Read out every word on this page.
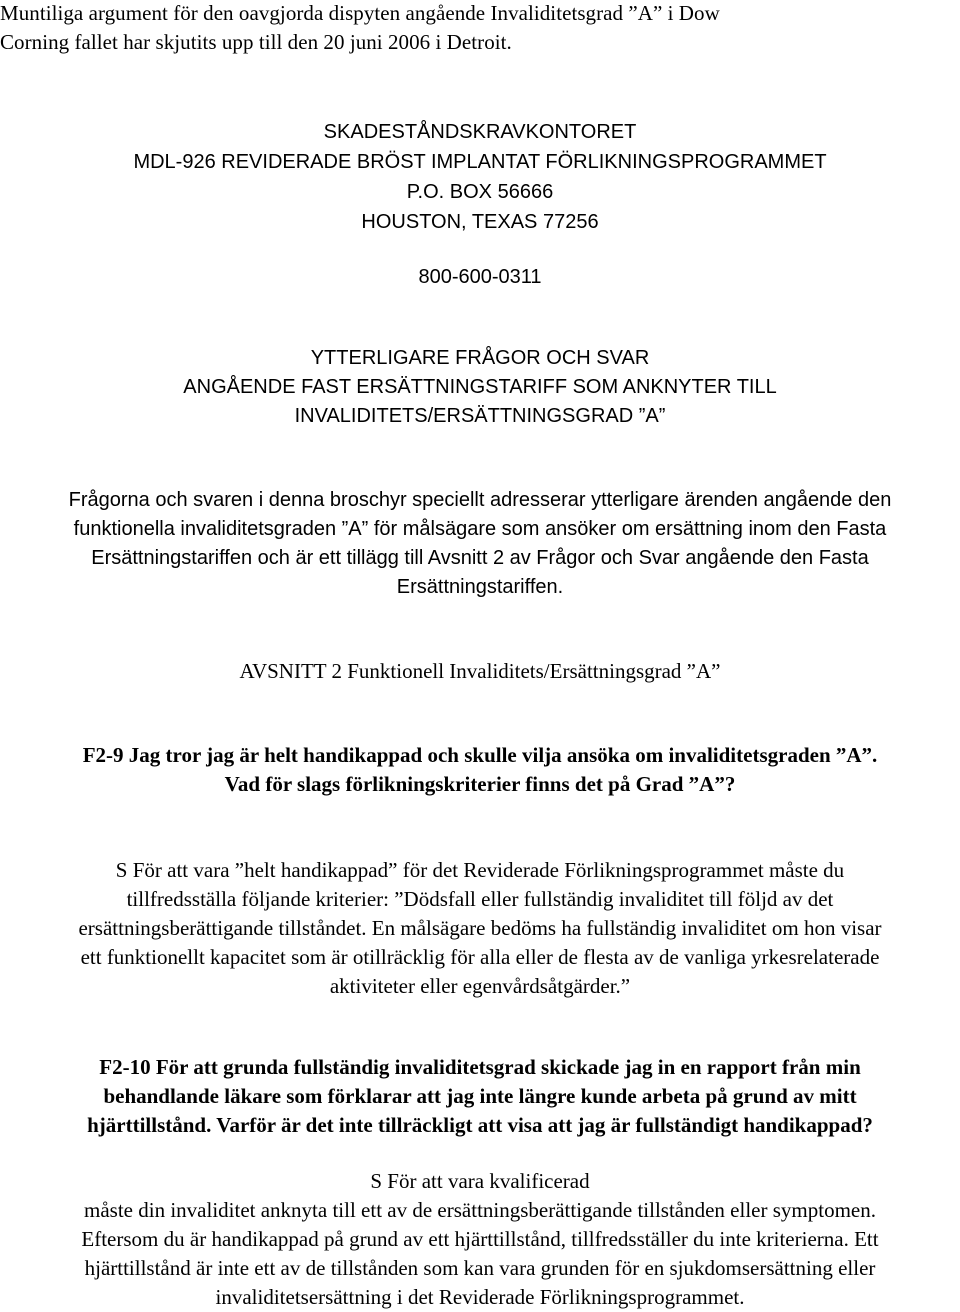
Muntiliga argument för den oavgjorda dispyten angående Invaliditetsgrad ”A” i Dow
Corning fallet har skjutits upp till den 20 juni 2006 i Detroit.
SKADESTÅNDSKRAVKONTORET
MDL-926 REVIDERADE BRÖST IMPLANTAT FÖRLIKNINGSPROGRAMMET
P.O. BOX 56666
HOUSTON, TEXAS 77256
800-600-0311
YTTERLIGARE FRÅGOR OCH SVAR
ANGÅENDE FAST ERSÄTTNINGSTARIFF SOM ANKNYTER TILL
INVALIDITETS/ERSÄTTNINGSGRAD ”A”
Frågorna och svaren i denna broschyr speciellt adresserar ytterligare ärenden angående den
funktionella invaliditetsgraden ”A” för målsägare som ansöker om ersättning inom den Fasta
Ersättningstariffen och är ett tillägg till Avsnitt 2 av Frågor och Svar angående den Fasta
Ersättningstariffen.
AVSNITT 2 Funktionell Invaliditets/Ersättningsgrad ”A”
F2-9 Jag tror jag är helt handikappad och skulle vilja ansöka om invaliditetsgraden ”A”.
Vad för slags förlikningskriterier finns det på Grad ”A”?
S För att vara ”helt handikappad” för det Reviderade Förlikningsprogrammet måste du
tillfredsställa följande kriterier: ”Dödsfall eller fullständig invaliditet till följd av det
ersättningsberättigande tillståndet. En målsägare bedöms ha fullständig invaliditet om hon visar
ett funktionellt kapacitet som är otillräcklig för alla eller de flesta av de vanliga yrkesrelaterade
aktiviteter eller egenvårdsåtgärder.”
F2-10 För att grunda fullständig invaliditetsgrad skickade jag in en rapport från min
behandlande läkare som förklarar att jag inte längre kunde arbeta på grund av mitt
hjärttillstånd. Varför är det inte tillräckligt att visa att jag är fullständigt handikappad?
S För att vara kvalificerad
måste din invaliditet anknyta till ett av de ersättningsberättigande tillstånden eller symptomen.
Eftersom du är handikappad på grund av ett hjärttillstånd, tillfredsställer du inte kriterierna. Ett
hjärttillstånd är inte ett av de tillstånden som kan vara grunden för en sjukdomsersättning eller
invaliditetsersättning i det Reviderade Förlikningsprogrammet.
